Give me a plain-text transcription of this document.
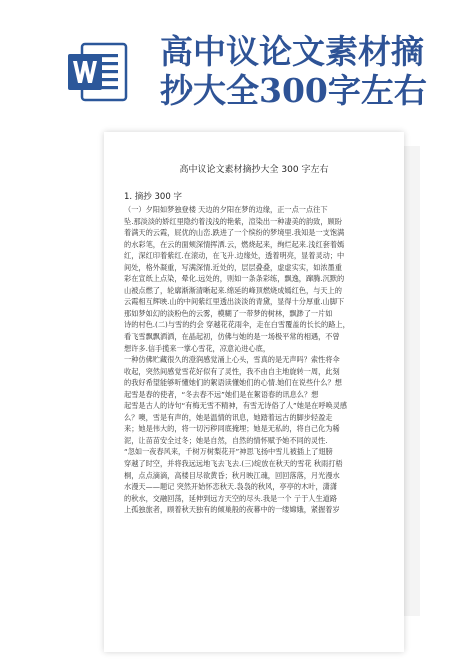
高中议论文素材摘
抄大全300字左右
高中议论文素材摘抄大全 300 字左右
1. 摘抄 300 字
（一）夕阳如梦独登楼 天边的夕阳在梦的边缘，正一点一点往下
坠.那淡淡的娇红里隐约着浅浅的艳紫，渲染出一种凄美的韵致，顾盼
着满天的云霞，屁优的山峦.跌进了一个缤纷的梦境里.我知是一支饱满
的水彩笔，在云的面颊深情挥洒.云，燃烧起来，绚烂起来.浅红套着嫣
红，深红印着紫红.在滚动，在飞升.边缘处，透着明亮，显着灵动；中
间处，格外凝重，写满深情.近处的，层层叠叠，虚虚实实，如浓墨重
彩在宣纸上点染，晕化.远处的，则如一条条彩练，飘逸，蹿腾.沉默的
山被点燃了，轮廓渐渐清晰起来.绵延的峰顶燃烧成嫣红色，与天上的
云霞相互辉映.山的中间紫红里透出淡淡的青黛，显得十分厚重.山脚下
那如梦如幻的淡粉色的云雾，模糊了一带梦的树林，飘渺了一片如
诗的村色.(二)与雪的约会 穿越花花雨伞，走在白雪覆盖的长长的路上，
看飞雪飘飘洒洒，在晶起初，仿佛与她的是一场极平常的相遇，不曾
想许多.信手揽来一掌心雪花，凉意沁进心底，
一种仿佛贮藏很久的澄润感觉涌上心头，雪真的是无声吗？索性将伞
收起，突然间感觉雪花好似有了灵性，我不由自主地旋转一周，此刻
的我好希望能够听懂她们的絮语读懂她们的心情.她们在说些什么？想
起雪是春的使者，“冬去春不远”她们是在絮语春的讯息么？想
起雪是古人的诗句“有梅无雪不精神，有雪无诗俗了人”她是在呼唤灵感
么？噢，雪是有声的，她是温情的讯息，她踏着远古的脚步轻盈走
来；她是伟大的，将一切污秽同底掩埋；她是无私的，将自己化为稀
泥，让苗苗安全过冬；她是自然，自然的情怀赋予她不同的灵性.
“忽如一夜春风来，千树万树梨花开”神思飞扬中雪儿被插上了翅膀
穿越了时空，并将我远远地飞去飞去.(三)绽放在秋天的雪花 秋雨打梧
桐，点点滴滴，高楼目尽欲黄昏；秋月映江魂，回回落落，月光漫水
水漫天——题记 突然开始怀恋秋天.袅袅的秋风，亭亭的木叶，潇潇
的秋水，交融回荡，延伸到远方天空的尽头.我是一个 亍于人生道路
上孤独旅者，顾着秋天独有的倾巢般的夜幕中的一缕嫦娥，紧握着岁
